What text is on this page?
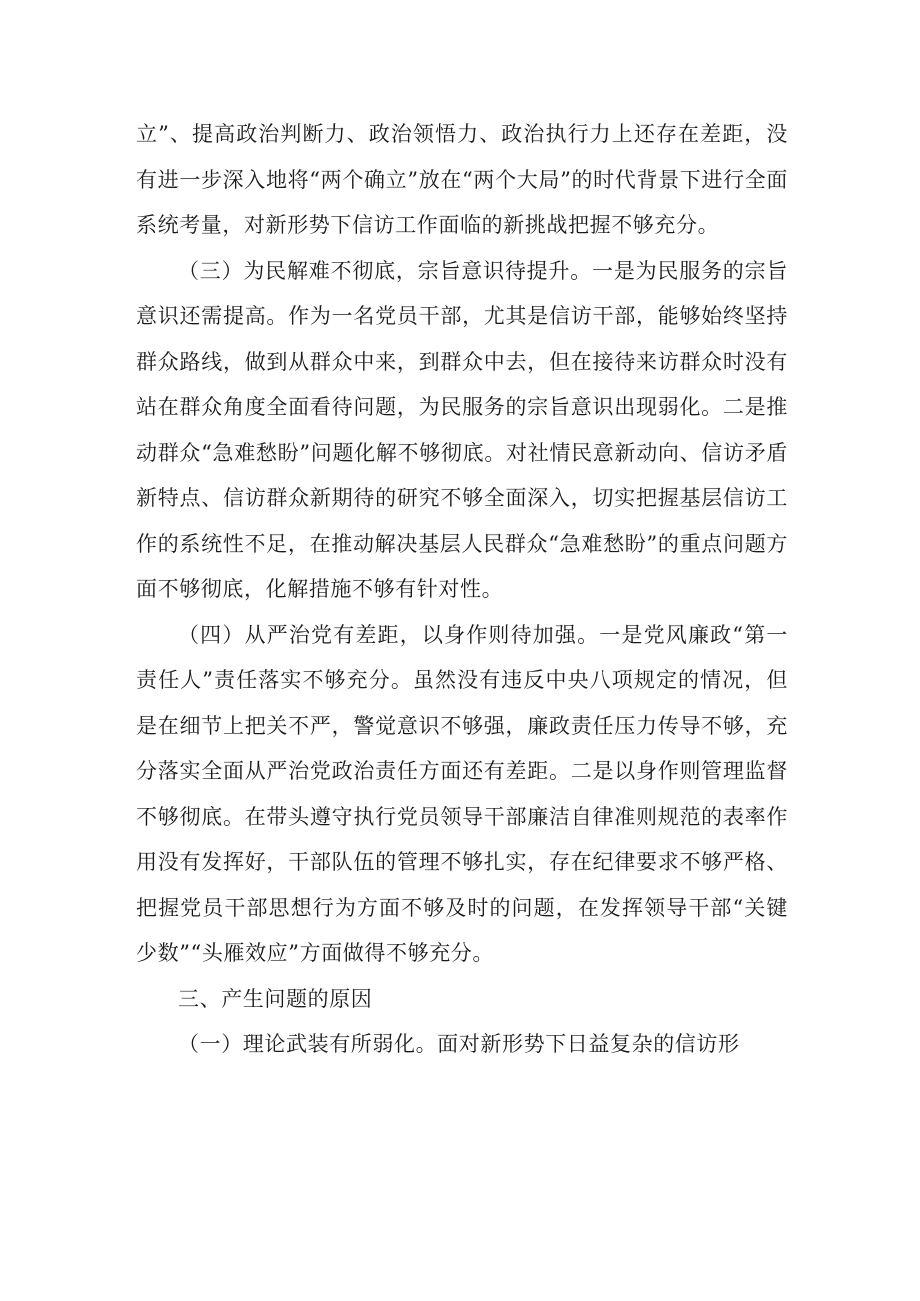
立”、提高政治判断力、政治领悟力、政治执行力上还存在差距，没有进一步深入地将“两个确立”放在“两个大局”的时代背景下进行全面系统考量，对新形势下信访工作面临的新挑战把握不够充分。

（三）为民解难不彻底，宗旨意识待提升。一是为民服务的宗旨意识还需提高。作为一名党员干部，尤其是信访干部，能够始终坚持群众路线，做到从群众中来，到群众中去，但在接待来访群众时没有站在群众角度全面看待问题，为民服务的宗旨意识出现弱化。二是推动群众“急难愁盼”问题化解不够彻底。对社情民意新动向、信访矛盾新特点、信访群众新期待的研究不够全面深入，切实把握基层信访工作的系统性不足，在推动解决基层人民群众“急难愁盼”的重点问题方面不够彻底，化解措施不够有针对性。

（四）从严治党有差距，以身作则待加强。一是党风廉政“第一责任人”责任落实不够充分。虽然没有违反中央八项规定的情况，但是在细节上把关不严，警觉意识不够强，廉政责任压力传导不够，充分落实全面从严治党政治责任方面还有差距。二是以身作则管理监督不够彻底。在带头遵守执行党员领导干部廉洁自律准则规范的表率作用没有发挥好，干部队伍的管理不够扎实，存在纪律要求不够严格、把握党员干部思想行为方面不够及时的问题，在发挥领导干部“关键少数”“头雁效应”方面做得不够充分。

三、产生问题的原因

（一）理论武装有所弱化。面对新形势下日益复杂的信访形
